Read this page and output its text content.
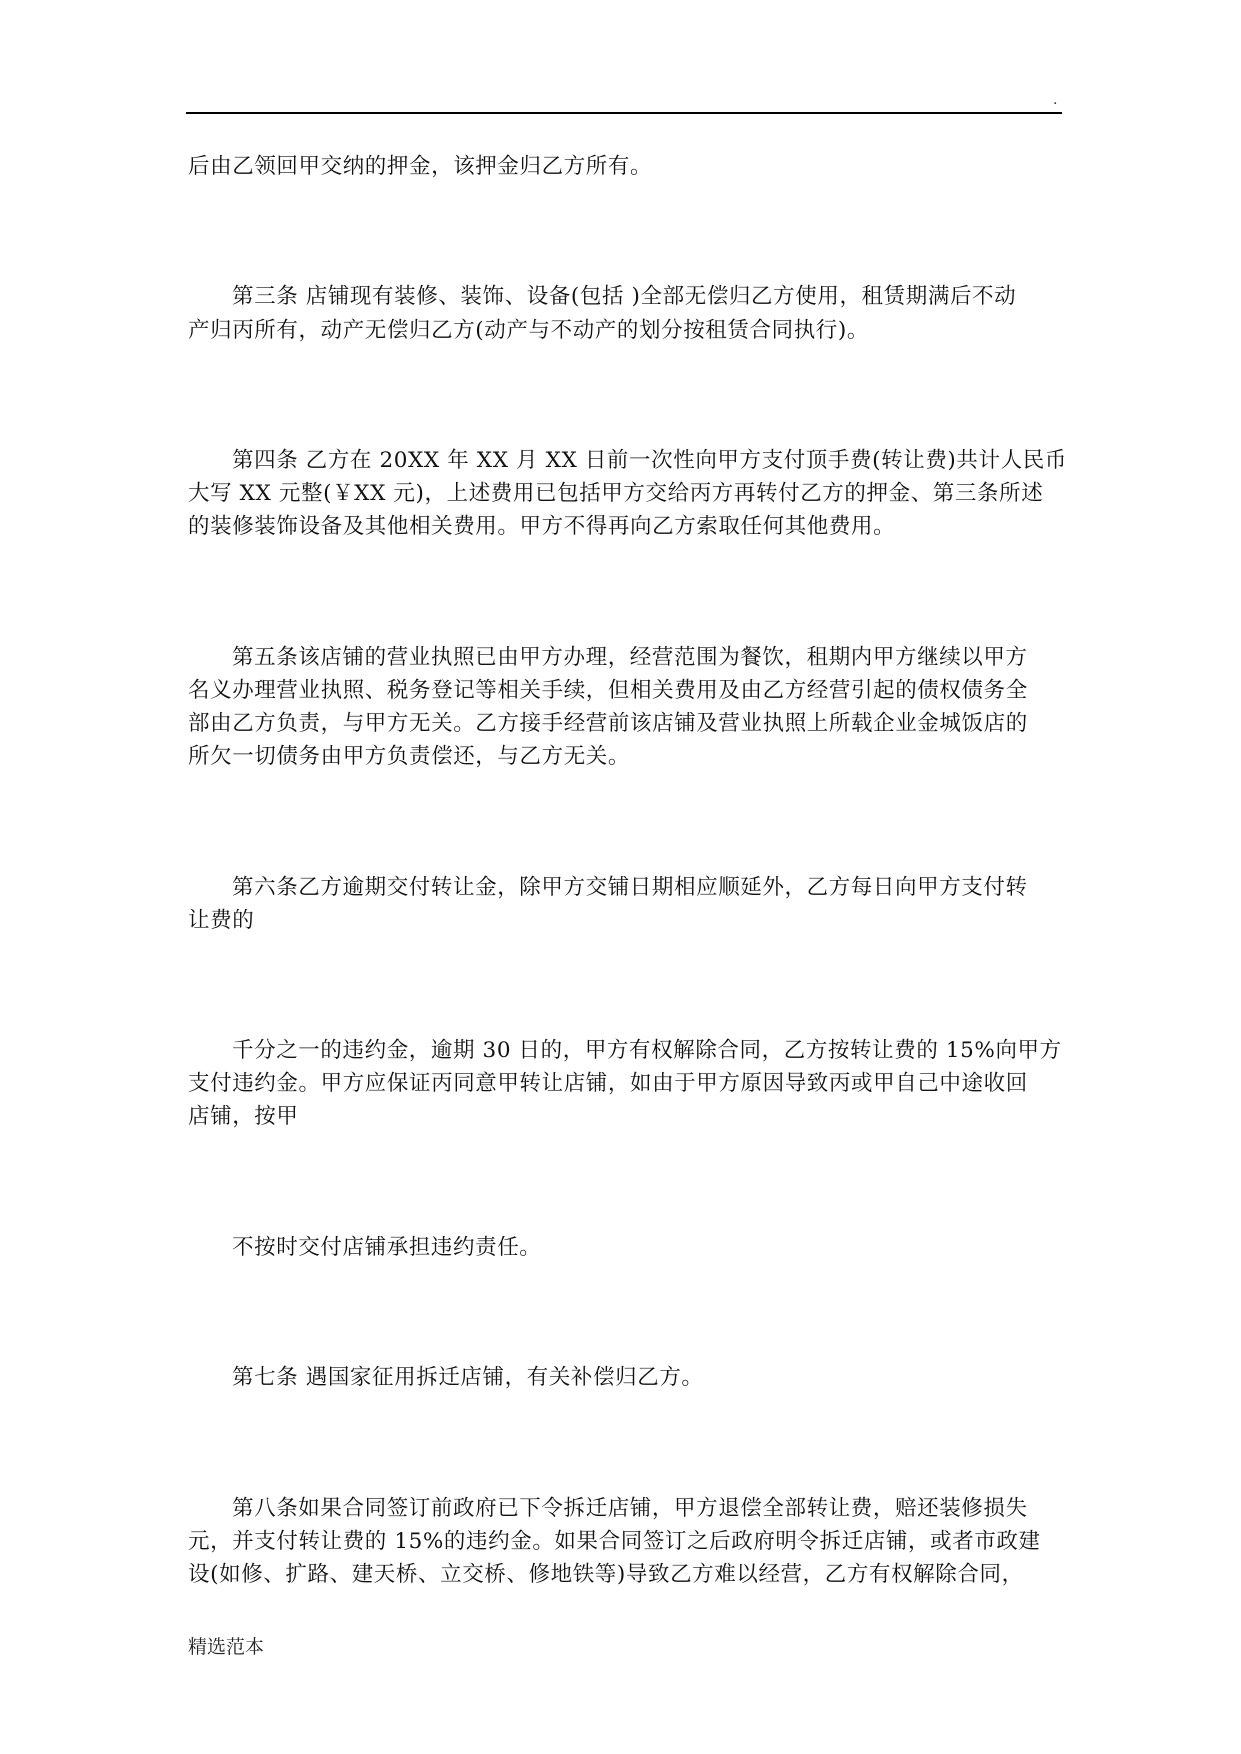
.
后由乙领回甲交纳的押金，该押金归乙方所有。
第三条 店铺现有装修、装饰、设备(包括 )全部无偿归乙方使用，租赁期满后不动
产归丙所有，动产无偿归乙方(动产与不动产的划分按租赁合同执行)。
第四条 乙方在 20XX 年 XX 月 XX 日前一次性向甲方支付顶手费(转让费)共计人民币
大写 XX 元整(￥XX 元)，上述费用已包括甲方交给丙方再转付乙方的押金、第三条所述
的装修装饰设备及其他相关费用。甲方不得再向乙方索取任何其他费用。
第五条该店铺的营业执照已由甲方办理，经营范围为餐饮，租期内甲方继续以甲方
名义办理营业执照、税务登记等相关手续，但相关费用及由乙方经营引起的债权债务全
部由乙方负责，与甲方无关。乙方接手经营前该店铺及营业执照上所载企业金城饭店的
所欠一切债务由甲方负责偿还，与乙方无关。
第六条乙方逾期交付转让金，除甲方交铺日期相应顺延外，乙方每日向甲方支付转
让费的
千分之一的违约金，逾期 30 日的，甲方有权解除合同，乙方按转让费的 15%向甲方
支付违约金。甲方应保证丙同意甲转让店铺，如由于甲方原因导致丙或甲自己中途收回
店铺，按甲
不按时交付店铺承担违约责任。
第七条 遇国家征用拆迁店铺，有关补偿归乙方。
第八条如果合同签订前政府已下令拆迁店铺，甲方退偿全部转让费，赔还装修损失
元，并支付转让费的 15%的违约金。如果合同签订之后政府明令拆迁店铺，或者市政建
设(如修、扩路、建天桥、立交桥、修地铁等)导致乙方难以经营，乙方有权解除合同，
精选范本
